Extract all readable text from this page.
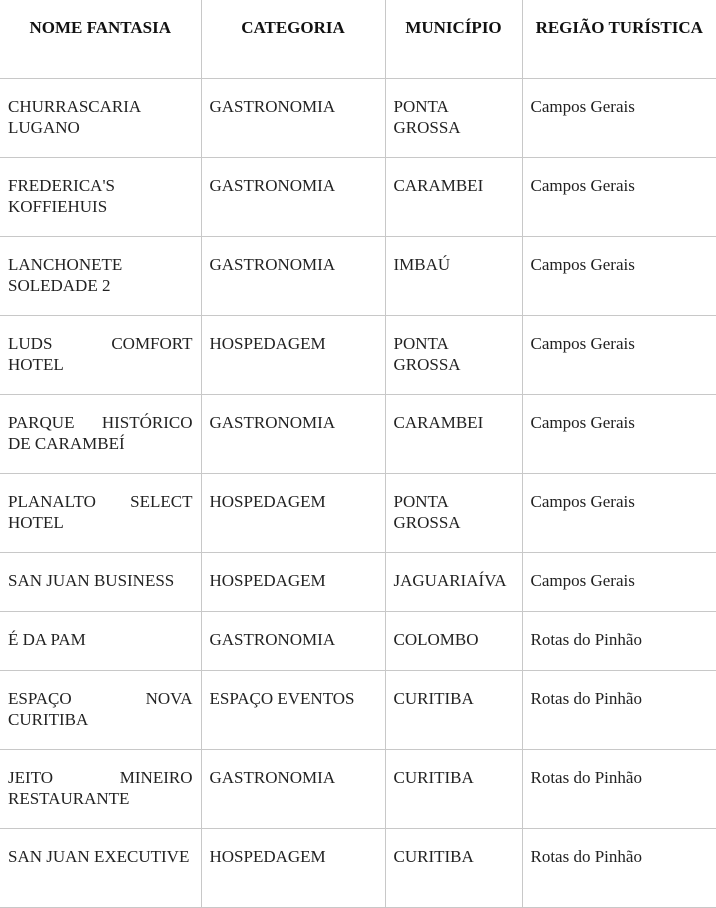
NOME FANTASIA	CATEGORIA	MUNICÍPIO	REGIÃO TURÍSTICA
CHURRASCARIA LUGANO	GASTRONOMIA	PONTA GROSSA	Campos Gerais
FREDERICA'S KOFFIEHUIS	GASTRONOMIA	CARAMBEI	Campos Gerais
LANCHONETE SOLEDADE 2	GASTRONOMIA	IMBAÚ	Campos Gerais
LUDS COMFORT HOTEL	HOSPEDAGEM	PONTA GROSSA	Campos Gerais
PARQUE HISTÓRICO DE CARAMBEÍ	GASTRONOMIA	CARAMBEI	Campos Gerais
PLANALTO SELECT HOTEL	HOSPEDAGEM	PONTA GROSSA	Campos Gerais
SAN JUAN BUSINESS	HOSPEDAGEM	JAGUARIAÍVA	Campos Gerais
É DA PAM	GASTRONOMIA	COLOMBO	Rotas do Pinhão
ESPAÇO NOVA CURITIBA	ESPAÇO EVENTOS	CURITIBA	Rotas do Pinhão
JEITO MINEIRO RESTAURANTE	GASTRONOMIA	CURITIBA	Rotas do Pinhão
SAN JUAN EXECUTIVE	HOSPEDAGEM	CURITIBA	Rotas do Pinhão
